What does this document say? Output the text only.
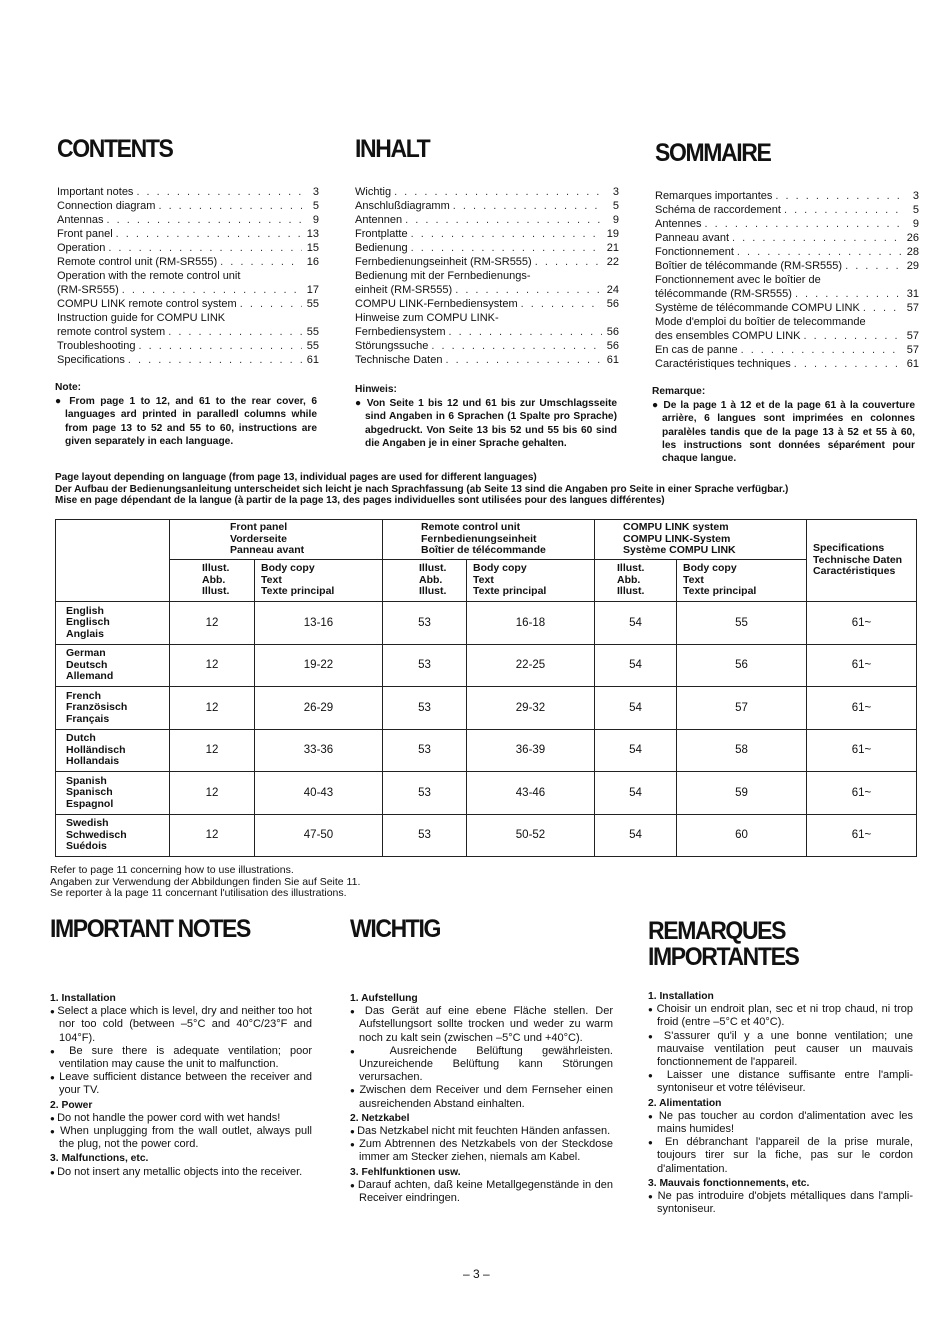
CONTENTS
Important notes . . .	3
Connection diagram . . .	5
Antennas . . .	9
Front panel . . .	13
Operation . . .	15
Remote control unit (RM-SR555) . . .	16
Operation with the remote control unit
(RM-SR555) . . .	17
COMPU LINK remote control system . . .	55
Instruction guide for COMPU LINK
remote control system . . .	55
Troubleshooting . . .	55
Specifications . . .	61
INHALT
Wichtig . . .	3
Anschlußdiagramm . . .	5
Antennen . . .	9
Frontplatte . . .	19
Bedienung . . .	21
Fernbedienungseinheit (RM-SR555) . . .	22
Bedienung mit der Fernbedienungs-
einheit (RM-SR555) . . .	24
COMPU LINK-Fernbediensystem . . .	56
Hinweise zum COMPU LINK-
Fernbediensystem . . .	56
Störungssuche . . .	56
Technische Daten . . .	61
SOMMAIRE
Remarques importantes . . .	3
Schéma de raccordement . . .	5
Antennes . . .	9
Panneau avant . . .	26
Fonctionnement . . .	28
Boîtier de télécommande (RM-SR555) . . .	29
Fonctionnement avec le boîtier de
télécommande (RM-SR555) . . .	31
Système de télécommande COMPU LINK . . .	57
Mode d'emploi du boîtier de telecommande
des ensembles COMPU LINK . . .	57
En cas de panne . . .	57
Caractéristiques techniques . . .	61
Note:
● From page 1 to 12, and 61 to the rear cover, 6 languages ard printed in paralledl columns while from page 13 to 52 and 55 to 60, instructions are given separately in each language.
Hinweis:
● Von Seite 1 bis 12 und 61 bis zur Umschlagsseite sind Angaben in 6 Sprachen (1 Spalte pro Sprache) abgedruckt. Von Seite 13 bis 52 und 55 bis 60 sind die Angaben je in einer Sprache gehalten.
Remarque:
● De la page 1 à 12 et de la page 61 à la couverture arrière, 6 langues sont imprimées en colonnes paralèles tandis que de la page 13 à 52 et 55 à 60, les instructions sont données séparément pour chaque langue.
Page layout depending on language (from page 13, individual pages are used for different languages)
Der Aufbau der Bedienungsanleitung unterscheidet sich leicht je nach Sprachfassung (ab Seite 13 sind die Angaben pro Seite in einer Sprache verfügbar.)
Mise en page dépendant de la langue (à partir de la page 13, des pages individuelles sont utilisées pour des langues différentes)
	Front panel
Vorderseite
Panneau avant		Remote control unit
Fernbedienungseinheit
Boîtier de télécommande		COMPU LINK system
COMPU LINK-System
Système COMPU LINK		Specifications
Technische Daten
Caractéristiques
	Illust.
Abb.
Illust.	Body copy
Text
Texte principal	Illust.
Abb.
Illust.	Body copy
Text
Texte principal	Illust.
Abb.
Illust.	Body copy
Text
Texte principal	
English
Englisch
Anglais	12	13-16	53	16-18	54	55	61~
German
Deutsch
Allemand	12	19-22	53	22-25	54	56	61~
French
Französisch
Français	12	26-29	53	29-32	54	57	61~
Dutch
Holländisch
Hollandais	12	33-36	53	36-39	54	58	61~
Spanish
Spanisch
Espagnol	12	40-43	53	43-46	54	59	61~
Swedish
Schwedisch
Suédois	12	47-50	53	50-52	54	60	61~
Refer to page 11 concerning how to use illustrations.
Angaben zur Verwendung der Abbildungen finden Sie auf Seite 11.
Se reporter à la page 11 concernant l'utilisation des illustrations.
IMPORTANT NOTES
1. Installation
● Select a place which is level, dry and neither too hot nor too cold (between –5°C and 40°C/23°F and 104°F).
● Be sure there is adequate ventilation; poor ventilation may cause the unit to malfunction.
● Leave sufficient distance between the receiver and your TV.
2. Power
● Do not handle the power cord with wet hands!
● When unplugging from the wall outlet, always pull the plug, not the power cord.
3. Malfunctions, etc.
● Do not insert any metallic objects into the receiver.
WICHTIG
1. Aufstellung
● Das Gerät auf eine ebene Fläche stellen. Der Aufstellungsort sollte trocken und weder zu warm noch zu kalt sein (zwischen –5°C und +40°C).
● Ausreichende Belüftung gewährleisten. Unzureichende Belüftung kann Störungen verursachen.
● Zwischen dem Receiver und dem Fernseher einen ausreichenden Abstand einhalten.
2. Netzkabel
● Das Netzkabel nicht mit feuchten Händen anfassen.
● Zum Abtrennen des Netzkabels von der Steckdose immer am Stecker ziehen, niemals am Kabel.
3. Fehlfunktionen usw.
● Darauf achten, daß keine Metallgegenstände in den Receiver eindringen.
REMARQUES
IMPORTANTES
1. Installation
● Choisir un endroit plan, sec et ni trop chaud, ni trop froid (entre –5°C et 40°C).
● S'assurer qu'il y a une bonne ventilation; une mauvaise ventilation peut causer un mauvais fonctionnement de l'appareil.
● Laisser une distance suffisante entre l'ampli-syntoniseur et votre téléviseur.
2. Alimentation
● Ne pas toucher au cordon d'alimentation avec les mains humides!
● En débranchant l'appareil de la prise murale, toujours tirer sur la fiche, pas sur le cordon d'alimentation.
3. Mauvais fonctionnements, etc.
● Ne pas introduire d'objets métalliques dans l'ampli-syntoniseur.
– 3 –
